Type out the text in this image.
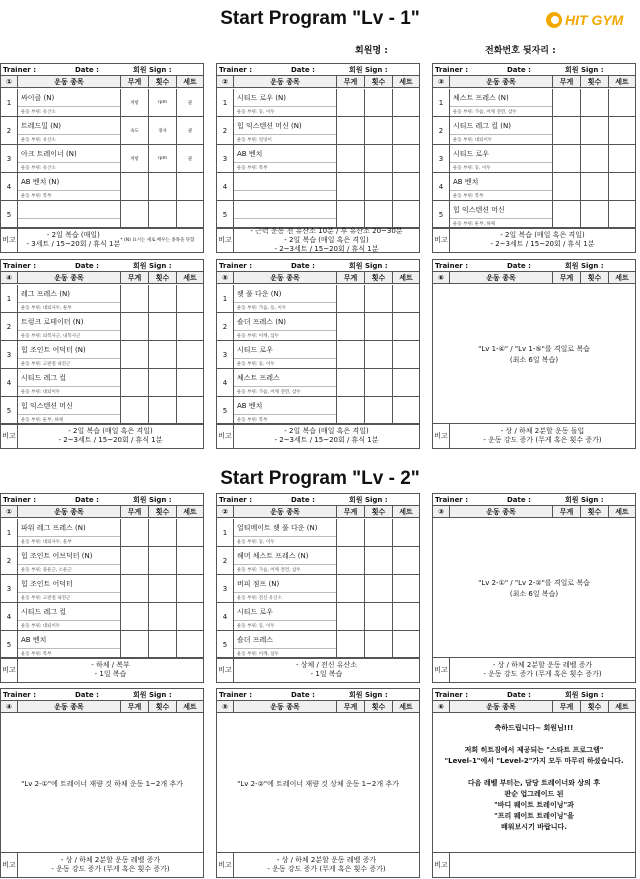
Start Program "Lv - 1"	HIT GYM
회원명 :	전화번호 뒷자리 :
Start Program "Lv - 2"
Trainer :	Date :	회원 Sign :
①	운동 종목	무게	횟수	세트
1
싸이클 (N)
운동 부위: 유산소
저항	rpm	쿨
2
트레드밀 (N)
운동 부위: 유산소
속도	경사	쿨
3
아크 트레이너 (N)
운동 부위: 유산소
저항	rpm	쿨
4
AB 벤치 (N)
운동 부위: 복부
5
비고
- 2일 복습 (매일)
- 3세트 / 15~20회 / 휴식 1분 * (N) 표시는 새로 배우는 종목을 뜻함
Trainer :	Date :	회원 Sign :
②	운동 종목	무게	횟수	세트
1
시티드 로우 (N)
운동 부위: 등, 이두
2
힙 익스텐션 머신 (N)
운동 부위: 엉덩이
3
AB 벤치
운동 부위: 복부
4
5
비고
- 근력 운동 전 유산소 10분 / 후 유산소 20~30분
- 2일 복습 (매일 혹은 격일)
- 2~3세트 / 15~20회 / 휴식 1분
Trainer :	Date :	회원 Sign :
③	운동 종목	무게	횟수	세트
1
체스트 프레스 (N)
운동 부위: 가슴, 어깨 전면, 삼두
2
시티드 레그 컬 (N)
운동 부위: 대퇴이두
3
시티드 로우
운동 부위: 등, 이두
4
AB 벤치
운동 부위: 복부
5
힙 익스텐션 머신
운동 부위: 둔부, 하체
비고
- 2일 복습 (매일 혹은 격일)
- 2~3세트 / 15~20회 / 휴식 1분
Trainer :	Date :	회원 Sign :
④	운동 종목	무게	횟수	세트
1
레그 프레스 (N)
운동 부위: 대퇴사두, 둔부
2
트렁크 로테이터 (N)
운동 부위: 외복사근, 내복사근
3
힙 조인트 어덕터 (N)
운동 부위: 고관절 내전근
4
시티드 레그 컬
운동 부위: 대퇴이두
5
힙 익스텐션 머신
운동 부위: 둔부, 하체
비고
- 2일 복습 (매일 혹은 격일)
- 2~3세트 / 15~20회 / 휴식 1분
Trainer :	Date :	회원 Sign :
⑤	운동 종목	무게	횟수	세트
1
랫 풀 다운 (N)
운동 부위: 가슴, 등, 이두
2
숄더 프레스 (N)
운동 부위: 어깨, 삼두
3
시티드 로우
운동 부위: 등, 이두
4
체스트 프레스
운동 부위: 가슴, 어깨 전면, 삼두
5
AB 벤치
운동 부위: 복부
비고
- 2일 복습 (매일 혹은 격일)
- 2~3세트 / 15~20회 / 휴식 1분
Trainer :	Date :	회원 Sign :
⑥	운동 종목	무게	횟수	세트
"Lv 1-④" / "Lv 1-⑤"를 격일로 복습
(최소 6일 복습)
비고
- 상 / 하체 2분할 운동 돌입
- 운동 강도 증가 (무게 혹은 횟수 증가)
Trainer :	Date :	회원 Sign :
①	운동 종목	무게	횟수	세트
1
파워 레그 프레스 (N)
운동 부위: 대퇴사두, 둔부
2
힙 조인트 어브덕터 (N)
운동 부위: 중둔근, 소둔근
3
힙 조인트 어덕터
운동 부위: 고관절 내전근
4
시티드 레그 컬
운동 부위: 대퇴이두
5
AB 벤치
운동 부위: 복부
비고
- 하체 / 복부
- 1일 복습
Trainer :	Date :	회원 Sign :
②	운동 종목	무게	횟수	세트
1
얼티메이트 랫 풀 다운 (N)
운동 부위: 등, 이두
2
해머 체스트 프레스 (N)
운동 부위: 가슴, 어깨 전면, 삼두
3
버피 점프 (N)
운동 부위: 전신 유산소
4
시티드 로우
운동 부위: 등, 이두
5
숄더 프레스
운동 부위: 어깨, 삼두
비고
- 상체 / 전신 유산소
- 1일 복습
Trainer :	Date :	회원 Sign :
③	운동 종목	무게	횟수	세트
"Lv 2-①" / "Lv 2-②"를 격일로 복습
(최소 6일 복습)
비고
- 상 / 하체 2분할 운동 레벨 증가
- 운동 강도 증가 (무게 혹은 횟수 증가)
Trainer :	Date :	회원 Sign :
④	운동 종목	무게	횟수	세트
"Lv 2-①"에 트레이너 재량 것 하체 운동 1~2개 추가
비고
- 상 / 하체 2분할 운동 레벨 증가
- 운동 강도 증가 (무게 혹은 횟수 증가)
Trainer :	Date :	회원 Sign :
⑤	운동 종목	무게	횟수	세트
"Lv 2-②"에 트레이너 재량 것 상체 운동 1~2개 추가
비고
- 상 / 하체 2분할 운동 레벨 증가
- 운동 강도 증가 (무게 혹은 횟수 증가)
Trainer :	Date :	회원 Sign :
⑥	운동 종목	무게	횟수	세트
축하드립니다~ 회원님!!!

저희 히트짐에서 제공되는 "스타트 프로그램"
"Level-1"에서 "Level-2"가지 모두 마무리 하셨습니다.

다음 레벨 부터는, 담당 트레이너와 상의 후
판순 업그레이드 된
"바디 웨이트 트레이닝"과
"프리 웨이트 트레이닝"을
배워보시기 바랍니다.
비고
